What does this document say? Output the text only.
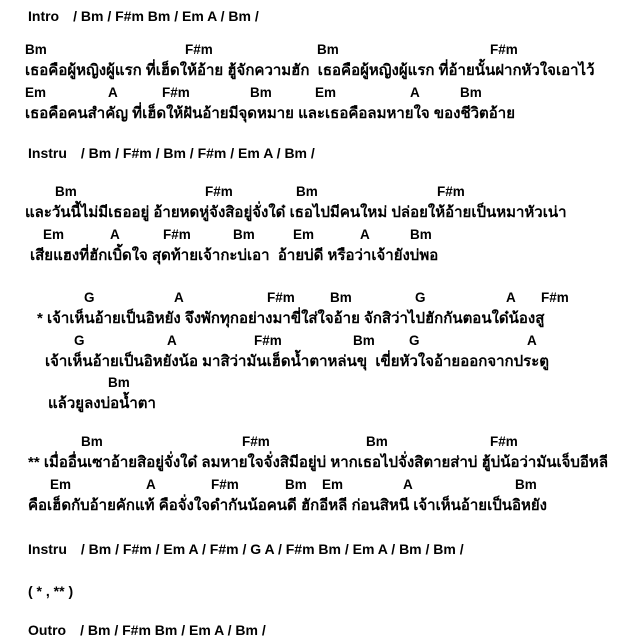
Intro / Bm / F#m Bm / Em A / Bm /

Bm

	F#m

	Bm

	F#m

เธอคือผู้หญิงผู้แรก ที่เฮ็ดให้อ้าย ฮู้จักความฮัก  เธอคือผู้หญิงผู้แรก ที่อ้ายนั้นฝากหัวใจเอาไว้

Em

	A

	F#m

	Bm

	Em

	A

	Bm

เธอคือคนสำคัญ ที่เฮ็ดให้ฝันอ้ายมีจุดหมาย และเธอคือลมหายใจ ของชีวิตอ้าย
Instru / Bm / F#m / Bm / F#m / Em A / Bm /

Bm

	F#m

	Bm

	F#m

และวันนี้ไม่มีเธออยู่ อ้ายหดหู่จังสิอยู่จั่งใด๋ เธอไปมีคนใหม่ ปล่อยให้อ้ายเป็นหมาหัวเน่า

Em

	A

	F#m

	Bm

	Em

	A

	Bm

เสียแฮงที่ฮักเบิ้ดใจ สุดท้ายเจ้ากะบ่เอา  อ้ายบ่ดี หรือว่าเจ้ายังบ่พอ

G

	A

	F#m

	Bm

	G

	A

F#m

* เจ้าเห็นอ้ายเป็นอิหยัง จึงพักทุกอย่างมาขี่ใส่ใจอ้าย จักสิว่าไปฮักกันตอนใด๋น้องสู

G

	A

	F#m

	Bm

	G

	A

เจ้าเห็นอ้ายเป็นอิหยังน้อ มาสิว่ามันเฮ็ดน้ำตาหล่นขุ  เขี่ยหัวใจอ้ายออกจากประตู

Bm

แล้วยูลงบ่อน้ำตา

Bm

	F#m

	Bm

	F#m

** เมื่ออื่นเซาอ้ายสิอยู่จั่งใด๋ ลมหายใจจั่งสิมีอยู่บ่ หากเธอไปจั่งสิตายส่าบ่ ฮู้บ่น้อว่ามันเจ็บอีหลี

Em

	A

	F#m

	Bm

Em

	A

	Bm

คือเฮ็ดกับอ้ายคักแท้ คือจั่งใจดำกันน้อคนดี ฮักอีหลี ก่อนสิหนี เจ้าเห็นอ้ายเป็นอิหยัง
Instru / Bm / F#m / Em A / F#m / G A / F#m Bm / Em A / Bm / Bm /
( * , ** )
Outro / Bm / F#m Bm / Em A / Bm /
